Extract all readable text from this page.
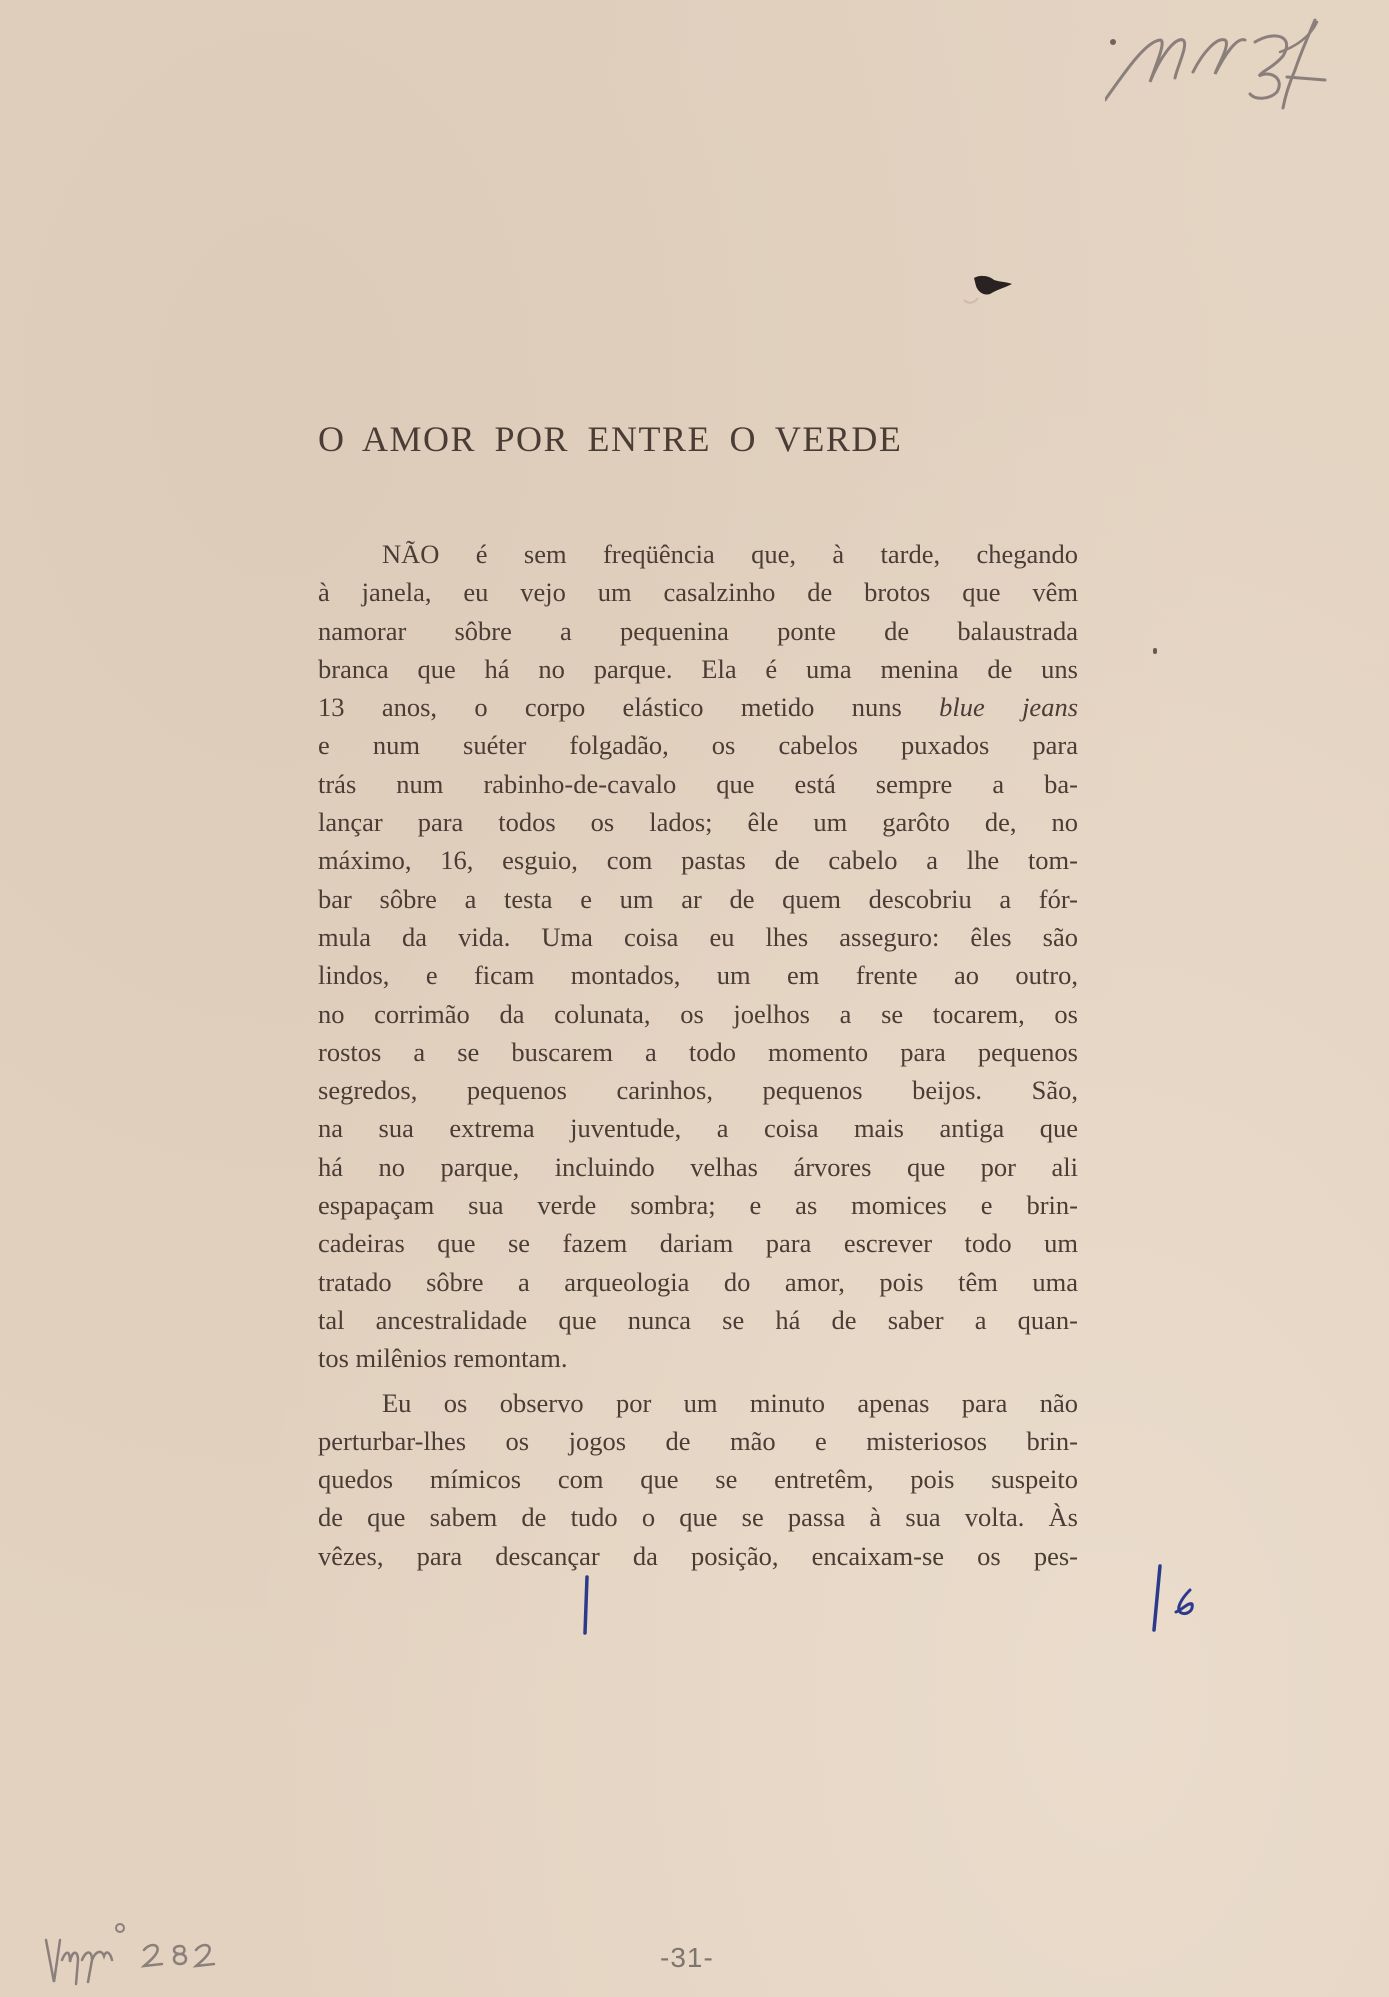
O AMOR POR ENTRE O VERDE
NÃO é sem freqüência que, à tarde, chegando
à janela, eu vejo um casalzinho de brotos que vêm
namorar sôbre a pequenina ponte de balaustrada
branca que há no parque. Ela é uma menina de uns
13 anos, o corpo elástico metido nuns blue jeans
e num suéter folgadão, os cabelos puxados para
trás num rabinho-de-cavalo que está sempre a ba-
lançar para todos os lados; êle um garôto de, no
máximo, 16, esguio, com pastas de cabelo a lhe tom-
bar sôbre a testa e um ar de quem descobriu a fór-
mula da vida. Uma coisa eu lhes asseguro: êles são
lindos, e ficam montados, um em frente ao outro,
no corrimão da colunata, os joelhos a se tocarem, os
rostos a se buscarem a todo momento para pequenos
segredos, pequenos carinhos, pequenos beijos. São,
na sua extrema juventude, a coisa mais antiga que
há no parque, incluindo velhas árvores que por ali
espapaçam sua verde sombra; e as momices e brin-
cadeiras que se fazem dariam para escrever todo um
tratado sôbre a arqueologia do amor, pois têm uma
tal ancestralidade que nunca se há de saber a quan-
tos milênios remontam.
Eu os observo por um minuto apenas para não
perturbar-lhes os jogos de mão e misteriosos brin-
quedos mímicos com que se entretêm, pois suspeito
de que sabem de tudo o que se passa à sua volta. Às
vêzes, para descançar da posição, encaixam-se os pes-
-31-
